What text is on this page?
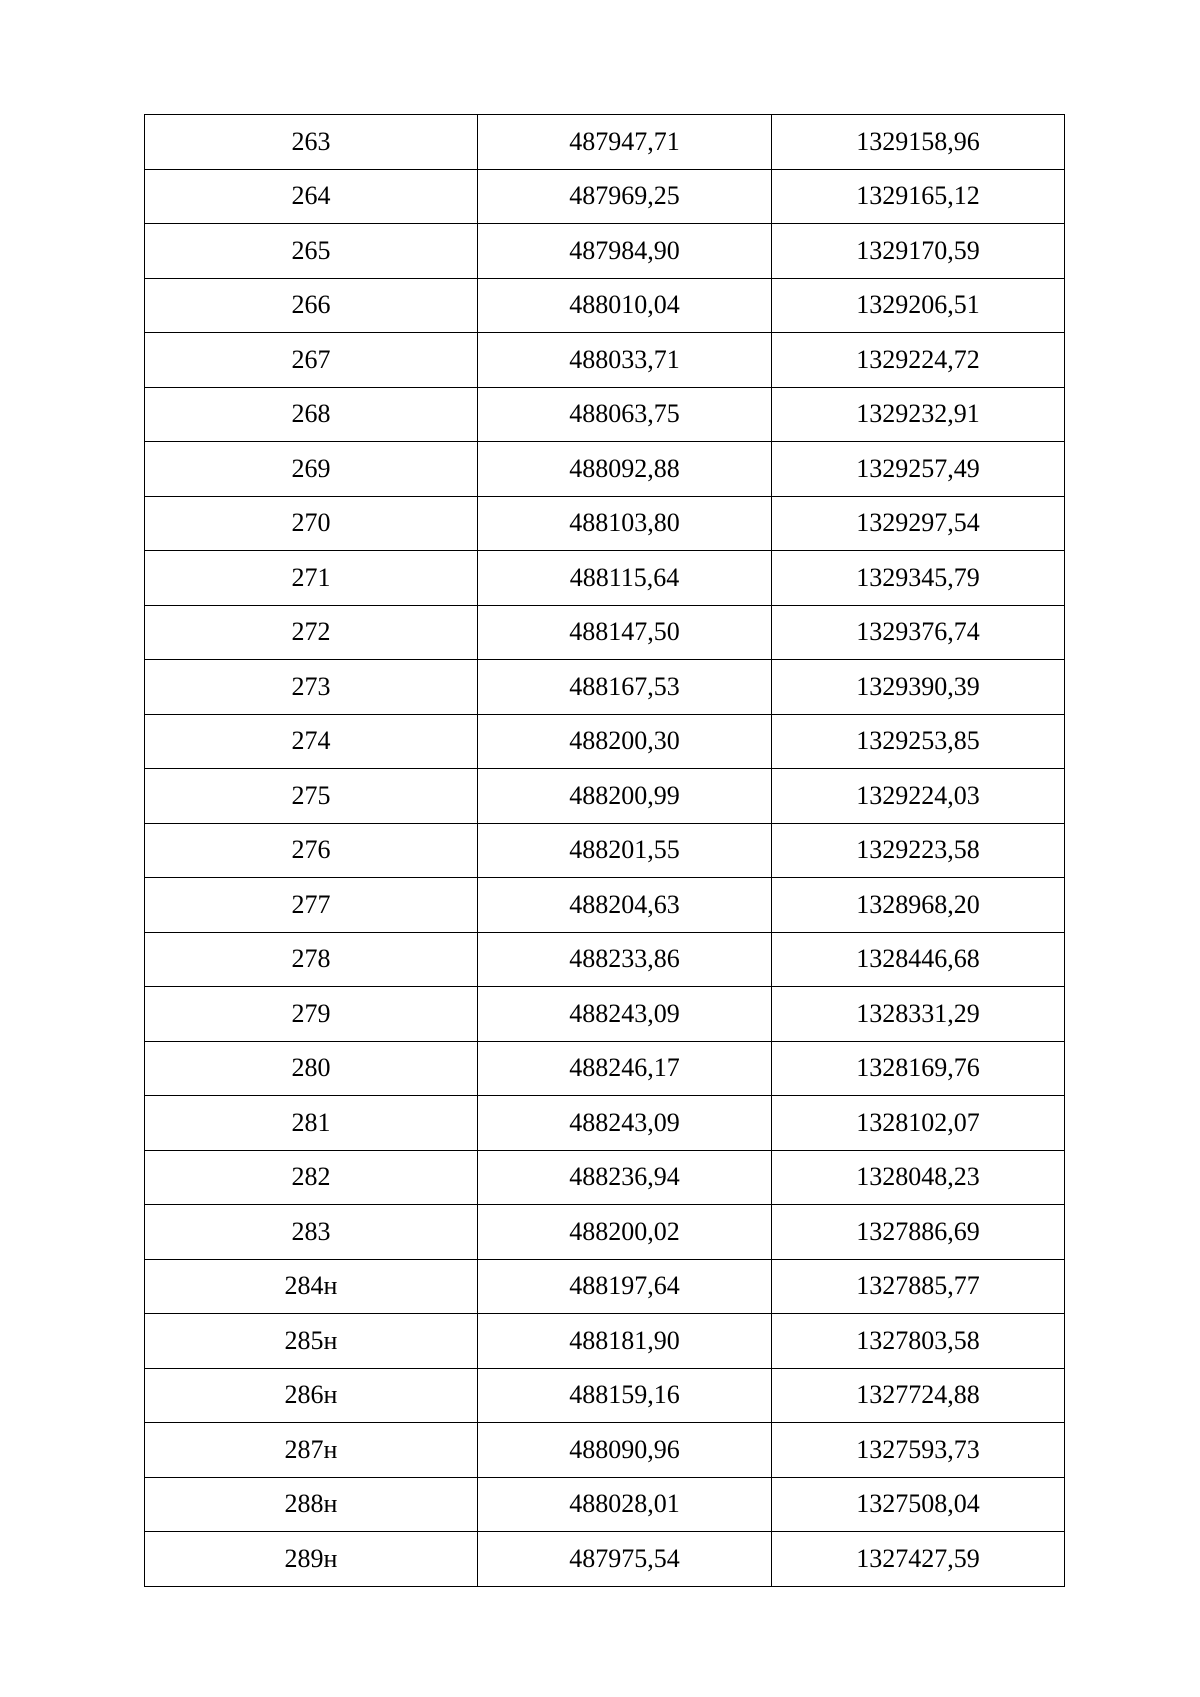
263	487947,71	1329158,96
264	487969,25	1329165,12
265	487984,90	1329170,59
266	488010,04	1329206,51
267	488033,71	1329224,72
268	488063,75	1329232,91
269	488092,88	1329257,49
270	488103,80	1329297,54
271	488115,64	1329345,79
272	488147,50	1329376,74
273	488167,53	1329390,39
274	488200,30	1329253,85
275	488200,99	1329224,03
276	488201,55	1329223,58
277	488204,63	1328968,20
278	488233,86	1328446,68
279	488243,09	1328331,29
280	488246,17	1328169,76
281	488243,09	1328102,07
282	488236,94	1328048,23
283	488200,02	1327886,69
284н	488197,64	1327885,77
285н	488181,90	1327803,58
286н	488159,16	1327724,88
287н	488090,96	1327593,73
288н	488028,01	1327508,04
289н	487975,54	1327427,59
